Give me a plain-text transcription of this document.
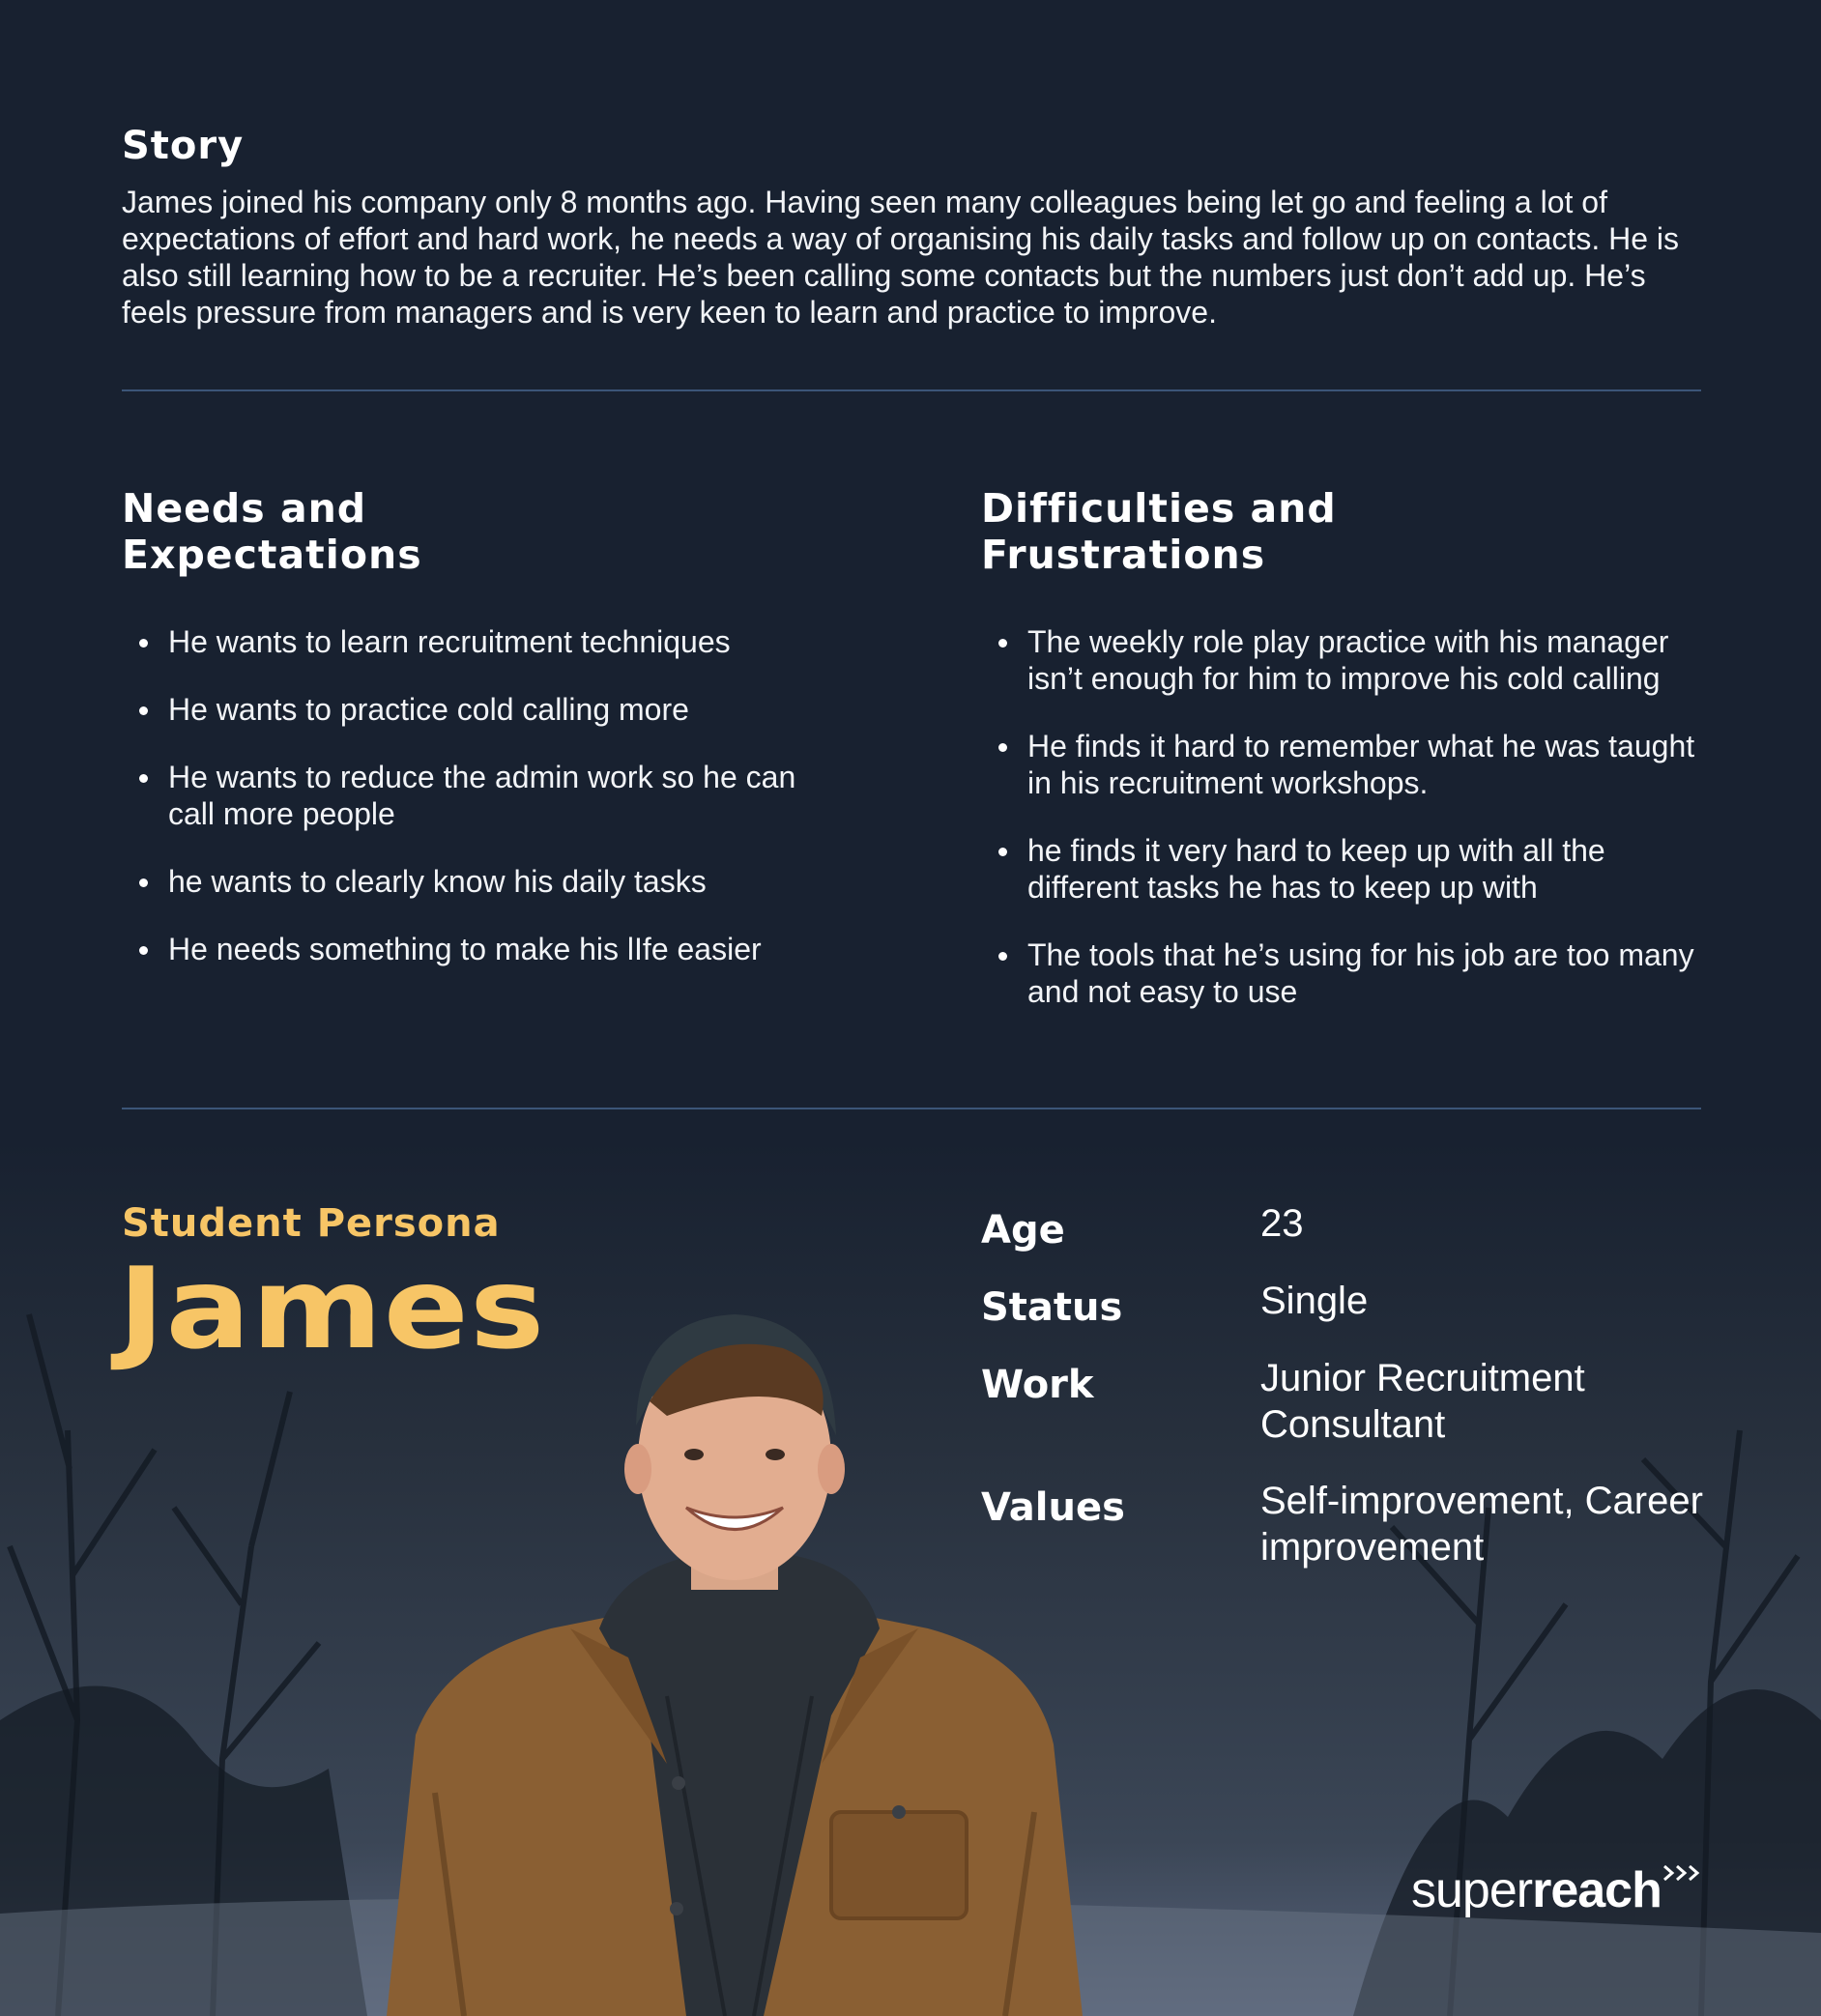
Story

James joined his company only 8 months ago. Having seen many colleagues being let go and feeling a lot of expectations of effort and hard work, he needs a way of organising his daily tasks and follow up on contacts. He is also still learning how to be a recruiter. He’s been calling some contacts but the numbers just don’t add up. He’s feels pressure from managers and is very keen to learn and practice to improve.

Needs and
Expectations
He wants to learn recruitment techniques
He wants to practice cold calling more
He wants to reduce the admin work so he can call more people
he wants to clearly know his daily tasks
He needs something to make his lIfe easier
Difficulties and
Frustrations
The weekly role play practice with his manager isn’t enough for him to improve his cold calling
He finds it hard to remember what he was taught in his recruitment workshops.
he finds it very hard to keep up with all the different tasks he has to keep up with
The tools that he’s using for his job are too many and not easy to use
Student Persona
James
Age	23

Status	Single

Work	Junior Recruitment Consultant

Values	Self-improvement, Career improvement

superreach
